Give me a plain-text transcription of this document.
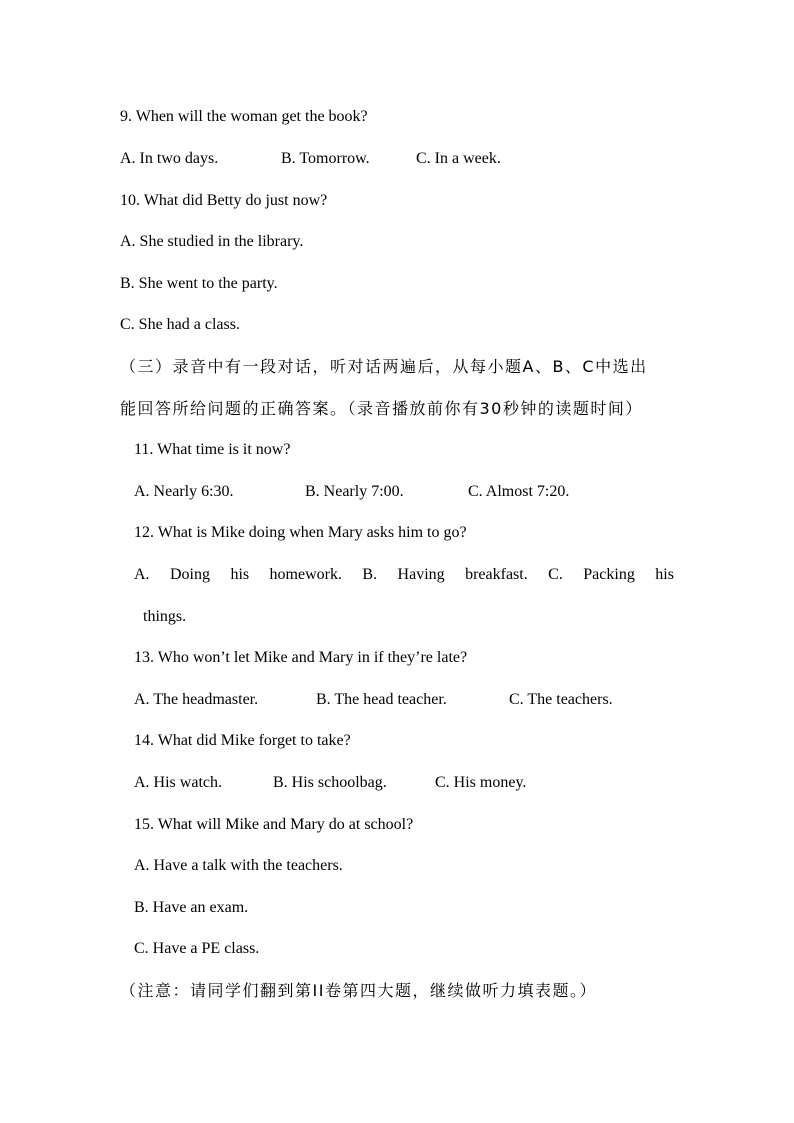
9. When will the woman get the book?
A. In two days.	B. Tomorrow.	C. In a week.
10. What did Betty do just now?
A. She studied in the library.
B. She went to the party.
C. She had a class.
（三）录音中有一段对话，听对话两遍后，从每小题A、B、C中选出
能回答所给问题的正确答案。（录音播放前你有30秒钟的读题时间）
11. What time is it now?
A. Nearly 6:30.	B. Nearly 7:00.	C. Almost 7:20.
12. What is Mike doing when Mary asks him to go?
A. Doing his homework. B. Having breakfast. C. Packing his
things.
13. Who won’t let Mike and Mary in if they’re late?
A. The headmaster.	B. The head teacher.	C. The teachers.
14. What did Mike forget to take?
A. His watch.	B. His schoolbag.	C. His money.
15. What will Mike and Mary do at school?
A. Have a talk with the teachers.
B. Have an exam.
C. Have a PE class.
（注意：请同学们翻到第II卷第四大题，继续做听力填表题。）
